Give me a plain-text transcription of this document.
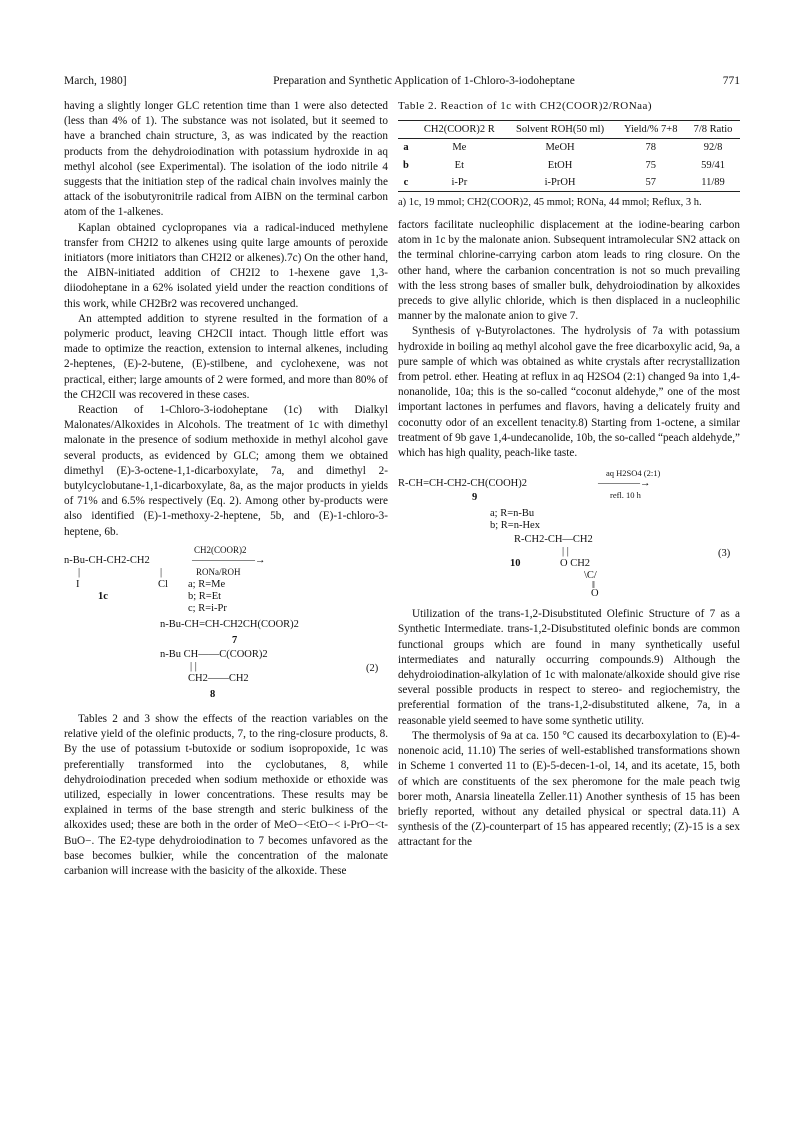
March, 1980]	Preparation and Synthetic Application of 1-Chloro-3-iodoheptane	771

having a slightly longer GLC retention time than 1 were also detected (less than 4% of 1). The substance was not isolated, but it seemed to have a branched chain structure, 3, as was indicated by the reaction products from the dehydroiodination with potassium hydroxide in aq methyl alcohol (see Experimental). The isolation of the iodo nitrile 4 suggests that the initiation step of the radical chain involves mainly the attack of the isobutyronitrile radical from AIBN on the terminal carbon atom of the 1-alkenes.

Kaplan obtained cyclopropanes via a radical-induced methylene transfer from CH2I2 to alkenes using quite large amounts of peroxide initiators (more initiators than CH2I2 or alkenes).7c) On the other hand, the AIBN-initiated addition of CH2I2 to 1-hexene gave 1,3-diiodoheptane in a 62% isolated yield under the reaction conditions of this work, while CH2Br2 was recovered unchanged.

An attempted addition to styrene resulted in the formation of a polymeric product, leaving CH2ClI intact. Though little effort was made to optimize the reaction, extension to internal alkenes, including 2-heptenes, (E)-2-butene, (E)-stilbene, and cyclohexene, was not practical, either; large amounts of 2 were formed, and more than 80% of the CH2ClI was recovered in these cases.

Reaction of 1-Chloro-3-iodoheptane (1c) with Dialkyl Malonates/Alkoxides in Alcohols. The treatment of 1c with dimethyl malonate in the presence of sodium methoxide in methyl alcohol gave several products, as evidenced by GLC; among them we obtained dimethyl (E)-3-octene-1,1-dicarboxylate, 7a, and dimethyl 2-butylcyclobutane-1,1-dicarboxylate, 8a, as the major products in yields of 71% and 6.5% respectively (Eq. 2). Among other by-products were also identified (E)-1-methoxy-2-heptene, 5b, and (E)-1-chloro-3-heptene, 6b.

CH2(COOR)2
——————→
n-Bu-CH-CH2-CH2
RONa/ROH
|	|
I	Cl a; R=Me
1c	b; R=Et
c; R=i-Pr
n-Bu-CH=CH-CH2CH(COOR)2
7
n-Bu CH——C(COOR)2
| |
CH2——CH2
8
(2)

Tables 2 and 3 show the effects of the reaction variables on the relative yield of the olefinic products, 7, to the ring-closure products, 8. By the use of potassium t-butoxide or sodium isopropoxide, 1c was preferentially transformed into the cyclobutanes, 8, while dehydroiodination preceded when sodium methoxide or ethoxide was utilized, especially in lower concentrations. These results may be explained in terms of the base strength and steric bulkiness of the alkoxides used; these are both in the order of MeO−<EtO−< i-PrO−<t-BuO−. The E2-type dehydroiodination to 7 becomes unfavored as the base becomes bulkier, while the concentration of the malonate carbanion will increase with the basicity of the alkoxide. These

Table 2. Reaction of 1c with CH2(COOR)2/RONaa)
	CH2(COOR)2 R	Solvent ROH(50 ml)	Yield/% 7+8	7/8 Ratio
a	Me	MeOH	78	92/8
b	Et	EtOH	75	59/41
c	i-Pr	i-PrOH	57	11/89
a) 1c, 19 mmol; CH2(COOR)2, 45 mmol; RONa, 44 mmol; Reflux, 3 h.

factors facilitate nucleophilic displacement at the iodine-bearing carbon atom in 1c by the malonate anion. Subsequent intramolecular SN2 attack on the terminal chlorine-carrying carbon atom leads to ring closure. On the other hand, where the carbanion concentration is not so much prevailing with the less strong bases of smaller bulk, dehydroiodination by alkoxides preceds to give allylic chloride, which is then displaced in a nucleophilic manner by the malonate anion to give 7.

Synthesis of γ-Butyrolactones. The hydrolysis of 7a with potassium hydroxide in boiling aq methyl alcohol gave the free dicarboxylic acid, 9a, a pure sample of which was obtained as white crystals after recrystallization from petrol. ether. Heating at reflux in aq H2SO4 (2:1) changed 9a into 1,4-nonanolide, 10a; this is the so-called “coconut aldehyde,” one of the most important lactones in perfumes and flavors, having a delicately fruity and coconutty odor of an excellent tenacity.8) Starting from 1-octene, a similar treatment of 9b gave 1,4-undecanolide, 10b, the so-called “peach aldehyde,” which has high quality, peach-like taste.

aq H2SO4 (2:1)
————→
R-CH=CH-CH2-CH(COOH)2
refl. 10 h
9
a; R=n-Bu
b; R=n-Hex
R-CH2-CH—CH2
| |
O CH2
10
\C/
‖
O
(3)

Utilization of the trans-1,2-Disubstituted Olefinic Structure of 7 as a Synthetic Intermediate. trans-1,2-Disubstituted olefinic bonds are common functional groups which are found in many synthetically useful intermediates and naturally occurring compounds.9) Although the dehydroiodination-alkylation of 1c with malonate/alkoxide should give rise several possible products in respect to stereo- and regiochemistry, the preferential formation of the trans-1,2-disubstituted alkene, 7a, in a reasonable yield seemed to have some synthetic utility.

The thermolysis of 9a at ca. 150 °C caused its decarboxylation to (E)-4-nonenoic acid, 11.10) The series of well-established transformations shown in Scheme 1 converted 11 to (E)-5-decen-1-ol, 14, and its acetate, 15, both of which are constituents of the sex pheromone for the male peach twig borer moth, Anarsia lineatella Zeller.11) Another synthesis of 15 has been briefly reported, without any detailed physical or spectral data.11) A synthesis of the (Z)-counterpart of 15 has appeared recently; (Z)-15 is a sex attractant for the
